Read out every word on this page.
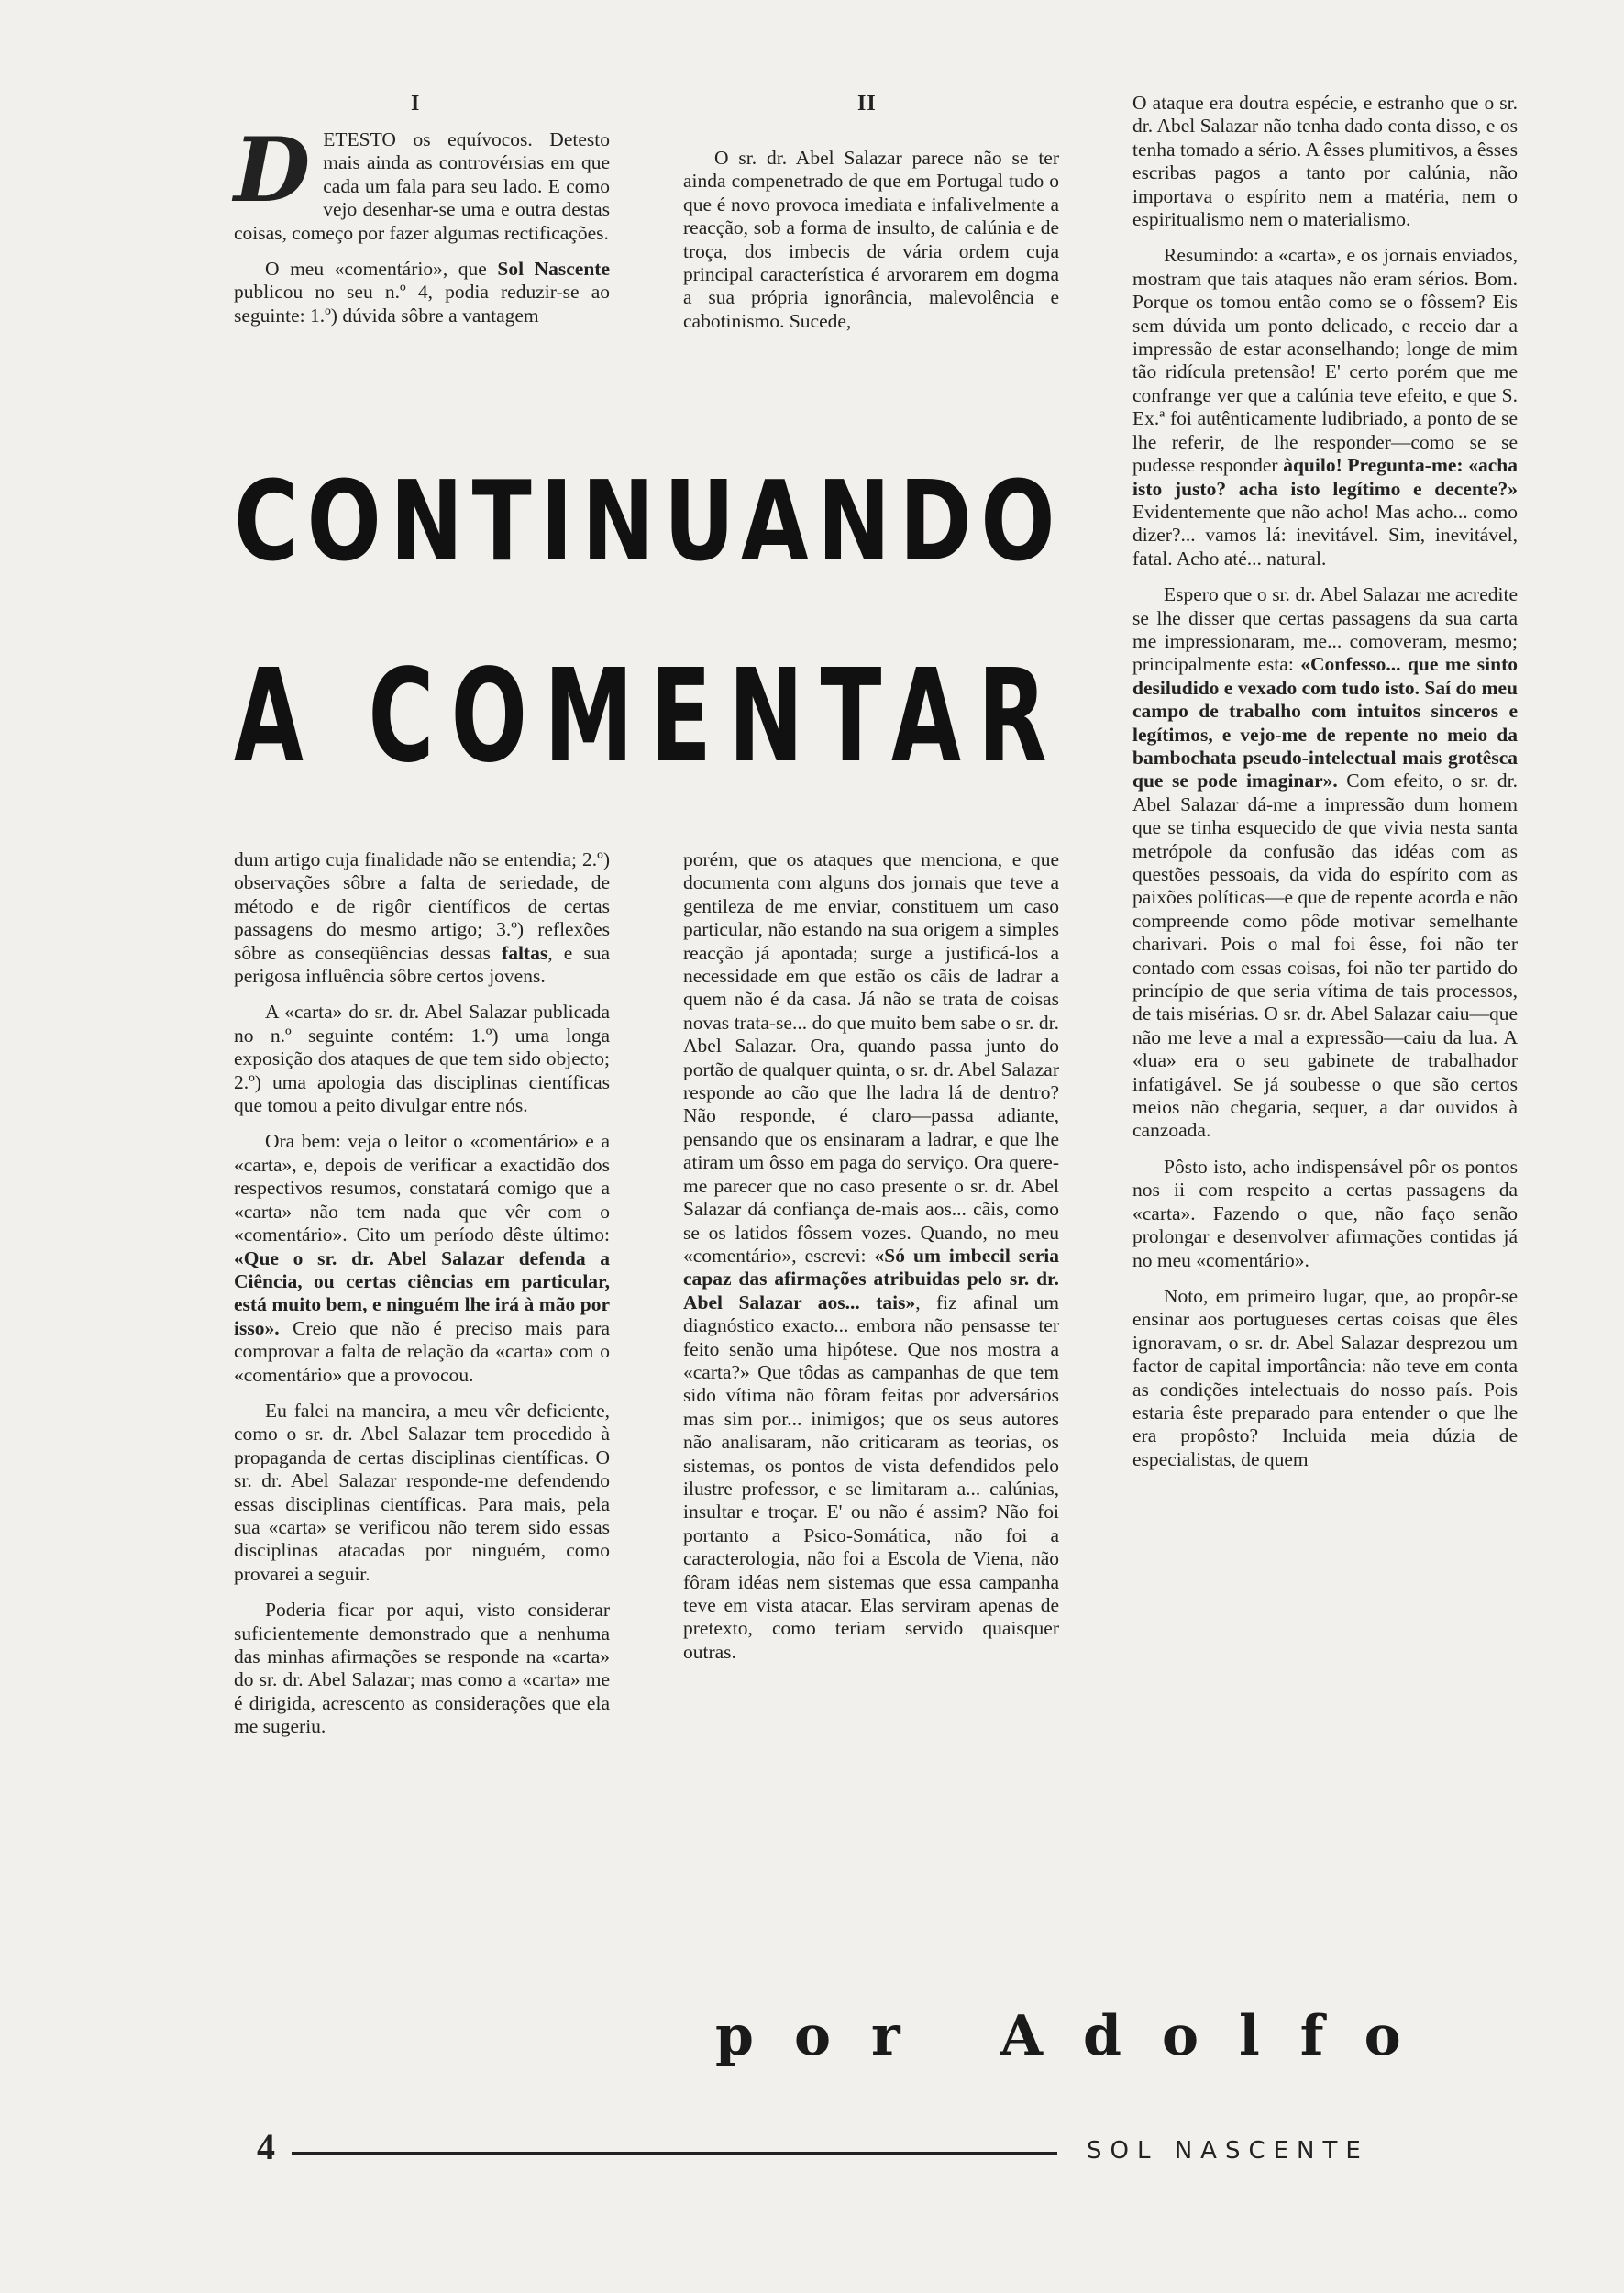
I	II

DETESTO os equívocos. Detesto mais ainda as controvérsias em que cada um fala para seu lado. E como vejo desenhar-se uma e outra destas coisas, começo por fazer algumas rectificações.

O meu «comentário», que Sol Nascente publicou no seu n.º 4, podia reduzir-se ao seguinte: 1.º) dúvida sôbre a vantagem

O sr. dr. Abel Salazar parece não se ter ainda compenetrado de que em Portugal tudo o que é novo provoca imediata e infalivelmente a reacção, sob a forma de insulto, de calúnia e de troça, dos imbecis de vária ordem cuja principal característica é arvorarem em dogma a sua própria ignorância, malevolência e cabotinismo. Sucede,

CONTINUANDO
A COMENTAR

dum artigo cuja finalidade não se entendia; 2.º) observações sôbre a falta de seriedade, de método e de rigôr científicos de certas passagens do mesmo artigo; 3.º) reflexões sôbre as conseqüências dessas faltas, e sua perigosa influência sôbre certos jovens.

A «carta» do sr. dr. Abel Salazar publicada no n.º seguinte contém: 1.º) uma longa exposição dos ataques de que tem sido objecto; 2.º) uma apologia das disciplinas científicas que tomou a peito divulgar entre nós.

Ora bem: veja o leitor o «comentário» e a «carta», e, depois de verificar a exactidão dos respectivos resumos, constatará comigo que a «carta» não tem nada que vêr com o «comentário». Cito um período dêste último: «Que o sr. dr. Abel Salazar defenda a Ciência, ou certas ciências em particular, está muito bem, e ninguém lhe irá à mão por isso». Creio que não é preciso mais para comprovar a falta de relação da «carta» com o «comentário» que a provocou.

Eu falei na maneira, a meu vêr deficiente, como o sr. dr. Abel Salazar tem procedido à propaganda de certas disciplinas científicas. O sr. dr. Abel Salazar responde-me defendendo essas disciplinas científicas. Para mais, pela sua «carta» se verificou não terem sido essas disciplinas atacadas por ninguém, como provarei a seguir.

Poderia ficar por aqui, visto considerar suficientemente demonstrado que a nenhuma das minhas afirmações se responde na «carta» do sr. dr. Abel Salazar; mas como a «carta» me é dirigida, acrescento as considerações que ela me sugeriu.

porém, que os ataques que menciona, e que documenta com alguns dos jornais que teve a gentileza de me enviar, constituem um caso particular, não estando na sua origem a simples reacção já apontada; surge a justificá-los a necessidade em que estão os cãis de ladrar a quem não é da casa. Já não se trata de coisas novas trata-se... do que muito bem sabe o sr. dr. Abel Salazar. Ora, quando passa junto do portão de qualquer quinta, o sr. dr. Abel Salazar responde ao cão que lhe ladra lá de dentro? Não responde, é claro—passa adiante, pensando que os ensinaram a ladrar, e que lhe atiram um ôsso em paga do serviço. Ora quere-me parecer que no caso presente o sr. dr. Abel Salazar dá confiança de-mais aos... cãis, como se os latidos fôssem vozes. Quando, no meu «comentário», escrevi: «Só um imbecil seria capaz das afirmações atribuidas pelo sr. dr. Abel Salazar aos... tais», fiz afinal um diagnóstico exacto... embora não pensasse ter feito senão uma hipótese. Que nos mostra a «carta?» Que tôdas as campanhas de que tem sido vítima não fôram feitas por adversários mas sim por... inimigos; que os seus autores não analisaram, não criticaram as teorias, os sistemas, os pontos de vista defendidos pelo ilustre professor, e se limitaram a... calúnias, insultar e troçar. E' ou não é assim? Não foi portanto a Psico-Somática, não foi a caracterologia, não foi a Escola de Viena, não fôram idéas nem sistemas que essa campanha teve em vista atacar. Elas serviram apenas de pretexto, como teriam servido quaisquer outras.

O ataque era doutra espécie, e estranho que o sr. dr. Abel Salazar não tenha dado conta disso, e os tenha tomado a sério. A êsses plumitivos, a êsses escribas pagos a tanto por calúnia, não importava o espírito nem a matéria, nem o espiritualismo nem o materialismo.

Resumindo: a «carta», e os jornais enviados, mostram que tais ataques não eram sérios. Bom. Porque os tomou então como se o fôssem? Eis sem dúvida um ponto delicado, e receio dar a impressão de estar aconselhando; longe de mim tão ridícula pretensão! E' certo porém que me confrange ver que a calúnia teve efeito, e que S. Ex.ª foi autênticamente ludibriado, a ponto de se lhe referir, de lhe responder—como se se pudesse responder àquilo! Pregunta-me: «acha isto justo? acha isto legítimo e decente?» Evidentemente que não acho! Mas acho... como dizer?... vamos lá: inevitável. Sim, inevitável, fatal. Acho até... natural.

Espero que o sr. dr. Abel Salazar me acredite se lhe disser que certas passagens da sua carta me impressionaram, me... comoveram, mesmo; principalmente esta: «Confesso... que me sinto desiludido e vexado com tudo isto. Saí do meu campo de trabalho com intuitos sinceros e legítimos, e vejo-me de repente no meio da bambochata pseudo-intelectual mais grotêsca que se pode imaginar». Com efeito, o sr. dr. Abel Salazar dá-me a impressão dum homem que se tinha esquecido de que vivia nesta santa metrópole da confusão das idéas com as questões pessoais, da vida do espírito com as paixões políticas—e que de repente acorda e não compreende como pôde motivar semelhante charivari. Pois o mal foi êsse, foi não ter contado com essas coisas, foi não ter partido do princípio de que seria vítima de tais processos, de tais misérias. O sr. dr. Abel Salazar caiu—que não me leve a mal a expressão—caiu da lua. A «lua» era o seu gabinete de trabalhador infatigável. Se já soubesse o que são certos meios não chegaria, sequer, a dar ouvidos à canzoada.

Pôsto isto, acho indispensável pôr os pontos nos ii com respeito a certas passagens da «carta». Fazendo o que, não faço senão prolongar e desenvolver afirmações contidas já no meu «comentário».

Noto, em primeiro lugar, que, ao propôr-se ensinar aos portugueses certas coisas que êles ignoravam, o sr. dr. Abel Salazar desprezou um factor de capital importância: não teve em conta as condições intelectuais do nosso país. Pois estaria êste preparado para entender o que lhe era propôsto? Incluida meia dúzia de especialistas, de quem

por Adolfo
4	SOL NASCENTE
